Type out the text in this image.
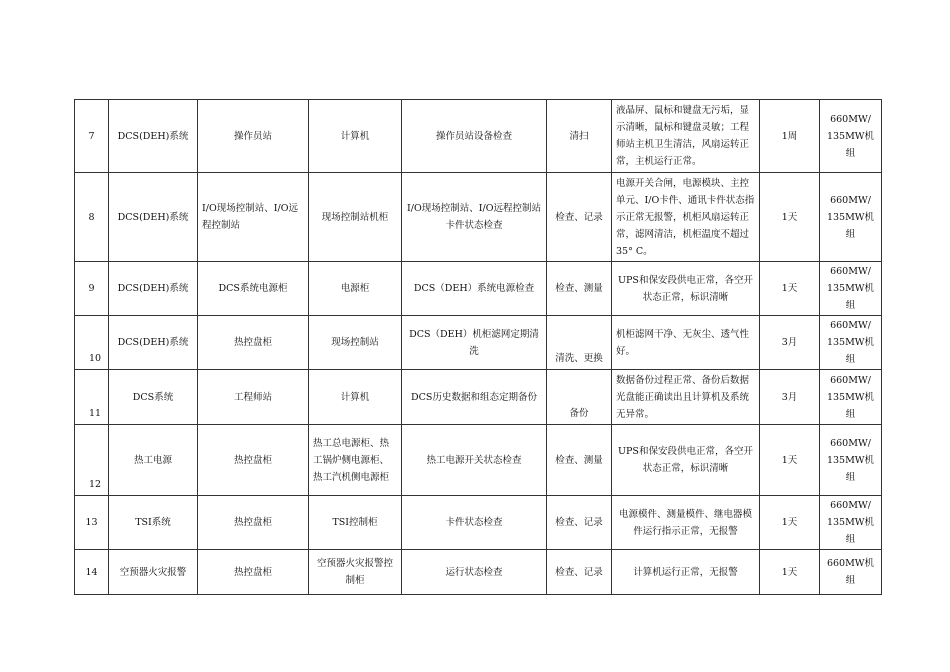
7	DCS(DEH)系统	操作员站	计算机	操作员站设备检查	清扫	液晶屏、鼠标和键盘无污垢，显示清晰，鼠标和键盘灵敏；工程师站主机卫生清洁，风扇运转正常，主机运行正常。	1周	660MW/ 135MW机组
8	DCS(DEH)系统	I/O现场控制站、I/O远程控制站	现场控制站机柜	I/O现场控制站、I/O远程控制站卡件状态检查	检查、记录	电源开关合闸，电源模块、主控单元、I/O卡件、通讯卡件状态指示正常无报警，机柜风扇运转正常，滤网清洁，机柜温度不超过35° C。	1天	660MW/ 135MW机组
9	DCS(DEH)系统	DCS系统电源柜	电源柜	DCS（DEH）系统电源检查	检查、测量	UPS和保安段供电正常，各空开状态正常，标识清晰	1天	660MW/ 135MW机组
10	DCS(DEH)系统	热控盘柜	现场控制站	DCS（DEH）机柜滤网定期清洗	清洗、更换	机柜滤网干净、无灰尘、透气性好。	3月	660MW/ 135MW机组
11	DCS系统	工程师站	计算机	DCS历史数据和组态定期备份	备份	数据备份过程正常、备份后数据光盘能正确读出且计算机及系统无异常。	3月	660MW/ 135MW机组
12	热工电源	热控盘柜	热工总电源柜、热工锅炉侧电源柜、热工汽机侧电源柜	热工电源开关状态检查	检查、测量	UPS和保安段供电正常，各空开状态正常，标识清晰	1天	660MW/ 135MW机组
13	TSI系统	热控盘柜	TSI控制柜	卡件状态检查	检查、记录	电源模件、测量模件、继电器模件运行指示正常，无报警	1天	660MW/ 135MW机组
14	空预器火灾报警	热控盘柜	空预器火灾报警控制柜	运行状态检查	检查、记录	计算机运行正常，无报警	1天	660MW机组
